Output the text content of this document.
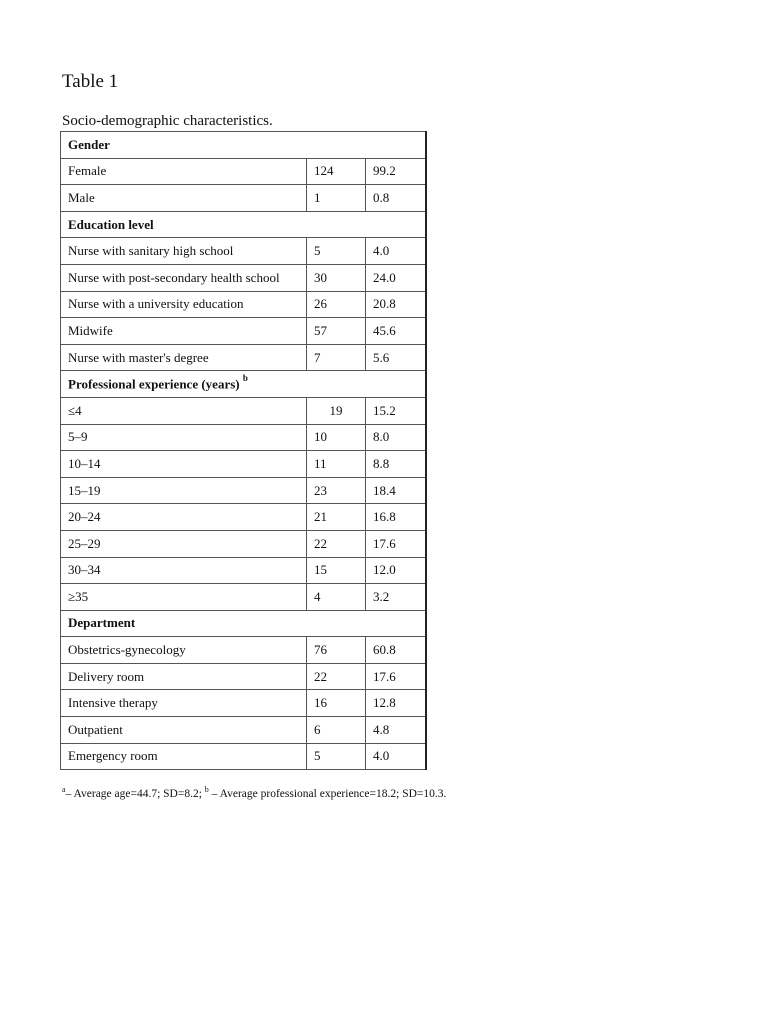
Table 1
Socio-demographic characteristics.
Gender		
Female	124	99.2
Male	1	0.8
Education level		
Nurse with sanitary high school	5	4.0
Nurse with post-secondary health school	30	24.0
Nurse with a university education	26	20.8
Midwife	57	45.6
Nurse with master's degree	7	5.6
Professional experience (years) $^b$
≤4	19	15.2
5–9	10	8.0
10–14	11	8.8
15–19	23	18.4
20–24	21	16.8
25–29	22	17.6
30–34	15	12.0
≥35	4	3.2
Department		
Obstetrics-gynecology	76	60.8
Delivery room	22	17.6
Intensive therapy	16	12.8
Outpatient	6	4.8
Emergency room	5	4.0
$^a$– Average age=44.7; SD=8.2; $^b$ – Average professional experience=18.2; SD=10.3.
